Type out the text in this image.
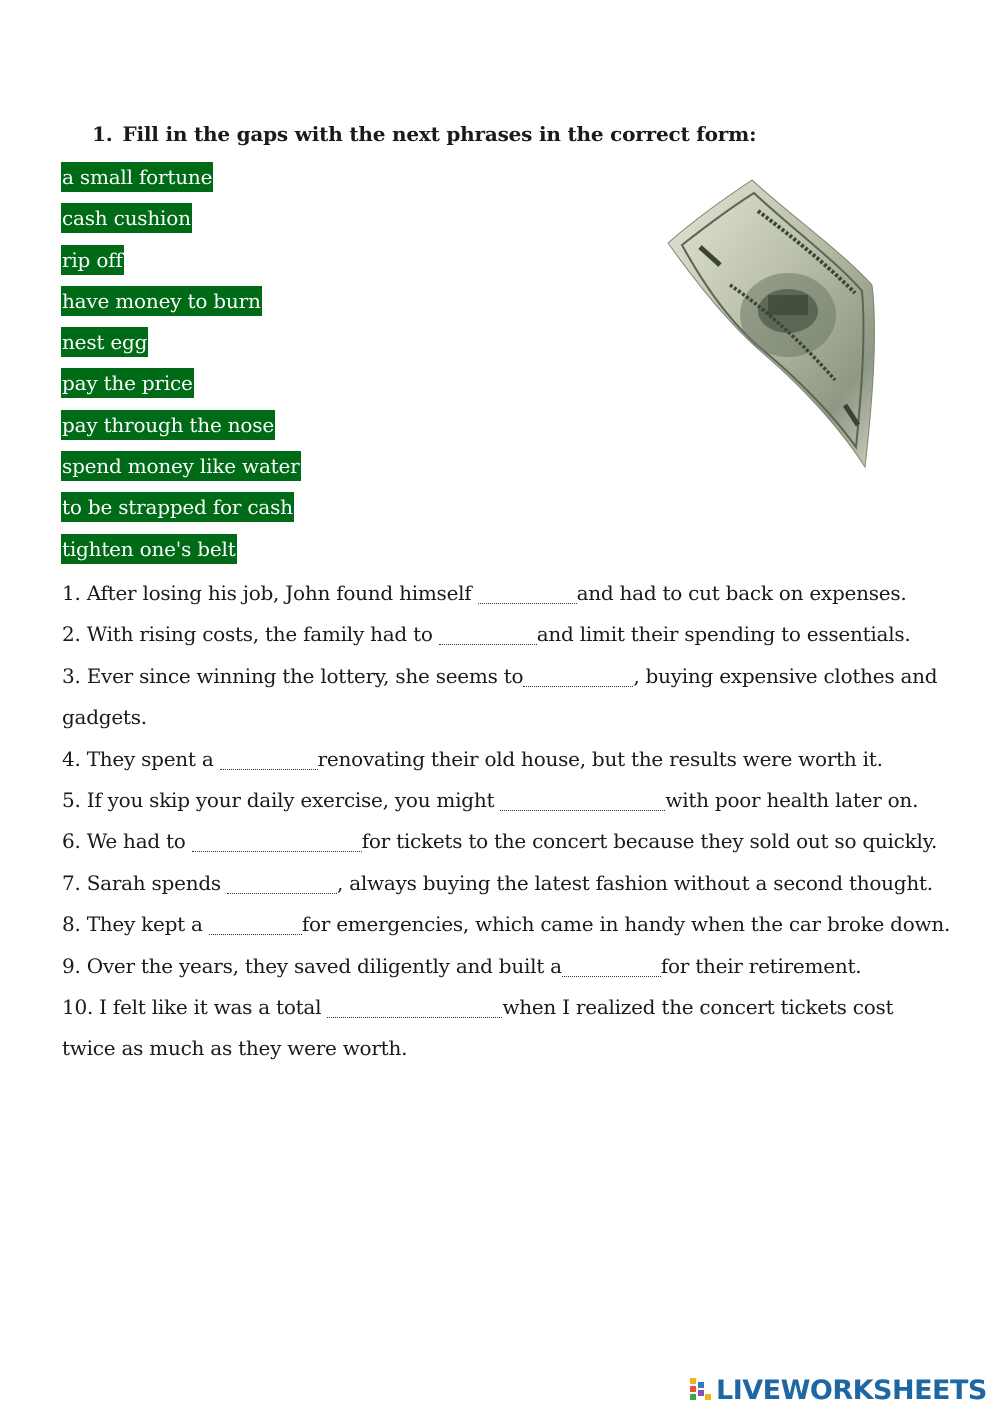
1. Fill in the gaps with the next phrases in the correct form:
a small fortune
cash cushion
rip off
have money to burn
nest egg
pay the price
pay through the nose
spend money like water
to be strapped for cash
tighten one's belt

1. After losing his job, John found himself	and had to cut back on expenses.

2. With rising costs, the family had to	and limit their spending to essentials.

3. Ever since winning the lottery, she seems to	, buying expensive clothes and gadgets.

4. They spent a	renovating their old house, but the results were worth it.

5. If you skip your daily exercise, you might	with poor health later on.

6. We had to	for tickets to the concert because they sold out so quickly.

7. Sarah spends	, always buying the latest fashion without a second thought.

8. They kept a	for emergencies, which came in handy when the car broke down.

9. Over the years, they saved diligently and built a	for their retirement.

10. I felt like it was a total	when I realized the concert tickets cost twice as much as they were worth.

LIVEWORKSHEETS
